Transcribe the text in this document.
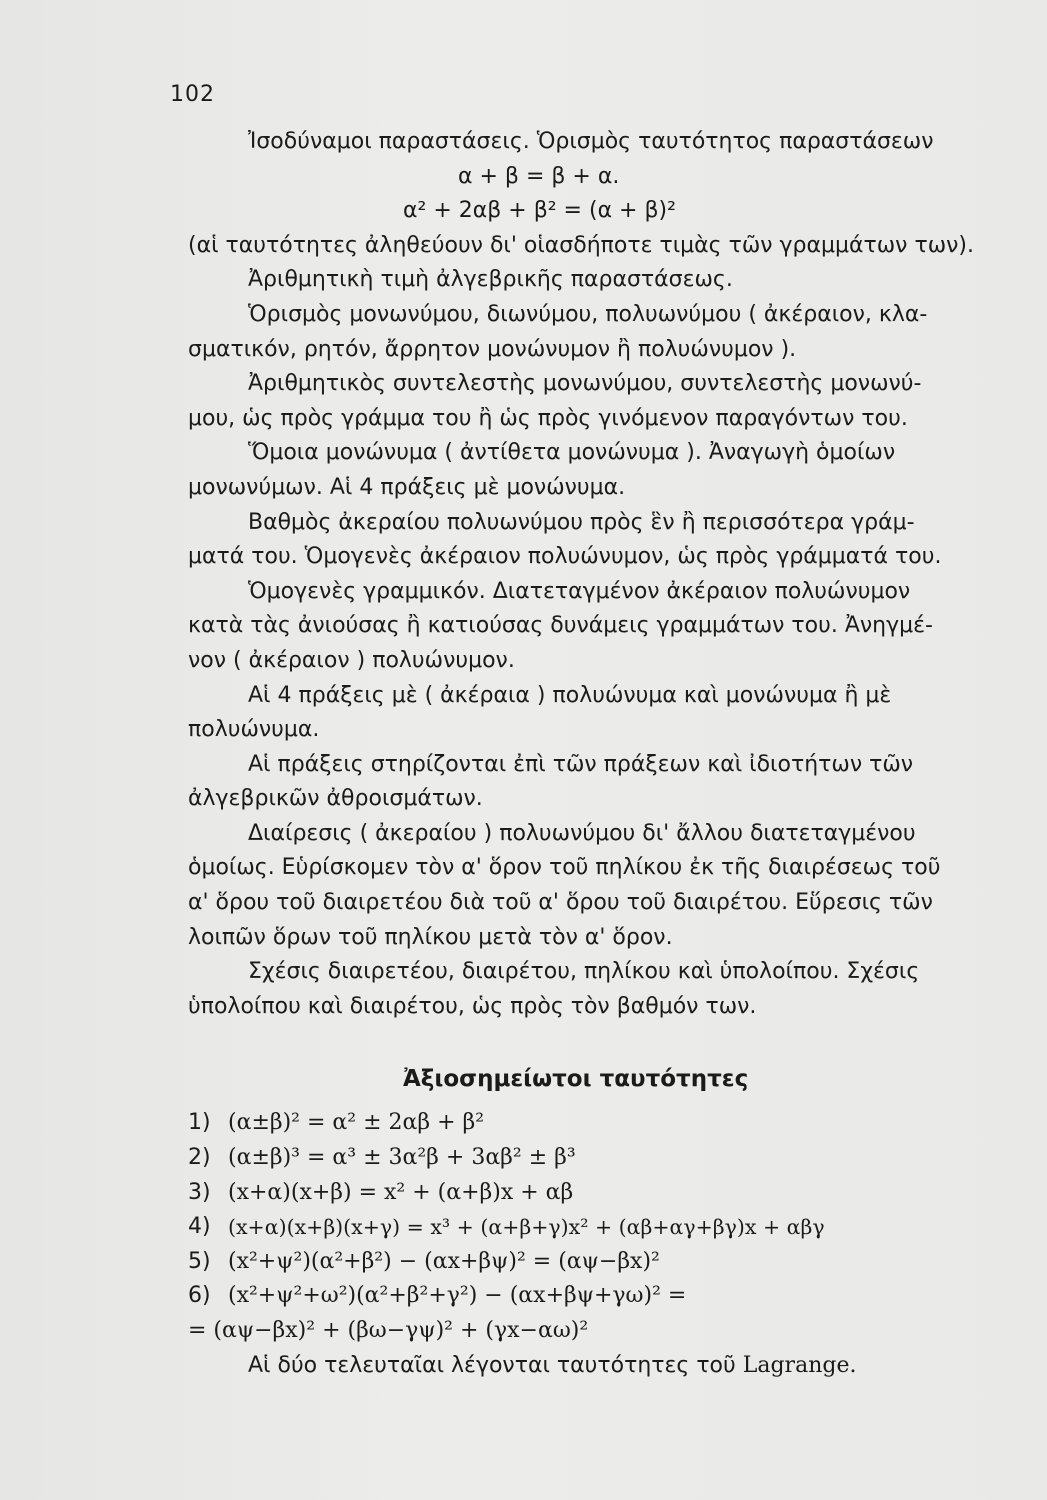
102
Ἰσοδύναμοι παραστάσεις. Ὁρισμὸς ταυτότητος παραστάσεων
α + β = β + α.
α² + 2αβ + β² = (α + β)²
(αἱ ταυτότητες ἀληθεύουν δι' οἱασδήποτε τιμὰς τῶν γραμμάτων των).
Ἀριθμητικὴ τιμὴ ἀλγεβρικῆς παραστάσεως.
Ὁρισμὸς μονωνύμου, διωνύμου, πολυωνύμου ( ἀκέραιον, κλα-
σματικόν, ρητόν, ἄρρητον μονώνυμον ἢ πολυώνυμον ).
Ἀριθμητικὸς συντελεστὴς μονωνύμου, συντελεστὴς μονωνύ-
μου, ὡς πρὸς γράμμα του ἢ ὡς πρὸς γινόμενον παραγόντων του.
Ὅμοια μονώνυμα ( ἀντίθετα μονώνυμα ). Ἀναγωγὴ ὁμοίων
μονωνύμων. Αἱ 4 πράξεις μὲ μονώνυμα.
Βαθμὸς ἀκεραίου πολυωνύμου πρὸς ἓν ἢ περισσότερα γράμ-
ματά του. Ὁμογενὲς ἀκέραιον πολυώνυμον, ὡς πρὸς γράμματά του.
Ὁμογενὲς γραμμικόν. Διατεταγμένον ἀκέραιον πολυώνυμον
κατὰ τὰς ἀνιούσας ἢ κατιούσας δυνάμεις γραμμάτων του. Ἀνηγμέ-
νον ( ἀκέραιον ) πολυώνυμον.
Αἱ 4 πράξεις μὲ ( ἀκέραια ) πολυώνυμα καὶ μονώνυμα ἢ μὲ
πολυώνυμα.
Αἱ πράξεις στηρίζονται ἐπὶ τῶν πράξεων καὶ ἰδιοτήτων τῶν
ἀλγεβρικῶν ἀθροισμάτων.
Διαίρεσις ( ἀκεραίου ) πολυωνύμου δι' ἄλλου διατεταγμένου
ὁμοίως. Εὑρίσκομεν τὸν α' ὅρον τοῦ πηλίκου ἐκ τῆς διαιρέσεως τοῦ
α' ὅρου τοῦ διαιρετέου διὰ τοῦ α' ὅρου τοῦ διαιρέτου. Εὕρεσις τῶν
λοιπῶν ὅρων τοῦ πηλίκου μετὰ τὸν α' ὅρον.
Σχέσις διαιρετέου, διαιρέτου, πηλίκου καὶ ὑπολοίπου. Σχέσις
ὑπολοίπου καὶ διαιρέτου, ὡς πρὸς τὸν βαθμόν των.
Ἀξιοσημείωτοι ταυτότητες
1) (α±β)² = α² ± 2αβ + β²
2) (α±β)³ = α³ ± 3α²β + 3αβ² ± β³
3) (x+α)(x+β) = x² + (α+β)x + αβ
4) (x+α)(x+β)(x+γ) = x³ + (α+β+γ)x² + (αβ+αγ+βγ)x + αβγ
5) (x²+ψ²)(α²+β²) − (αx+βψ)² = (αψ−βx)²
6) (x²+ψ²+ω²)(α²+β²+γ²) − (αx+βψ+γω)² =
= (αψ−βx)² + (βω−γψ)² + (γx−αω)²
Αἱ δύο τελευταῖαι λέγονται ταυτότητες τοῦ Lagrange.
